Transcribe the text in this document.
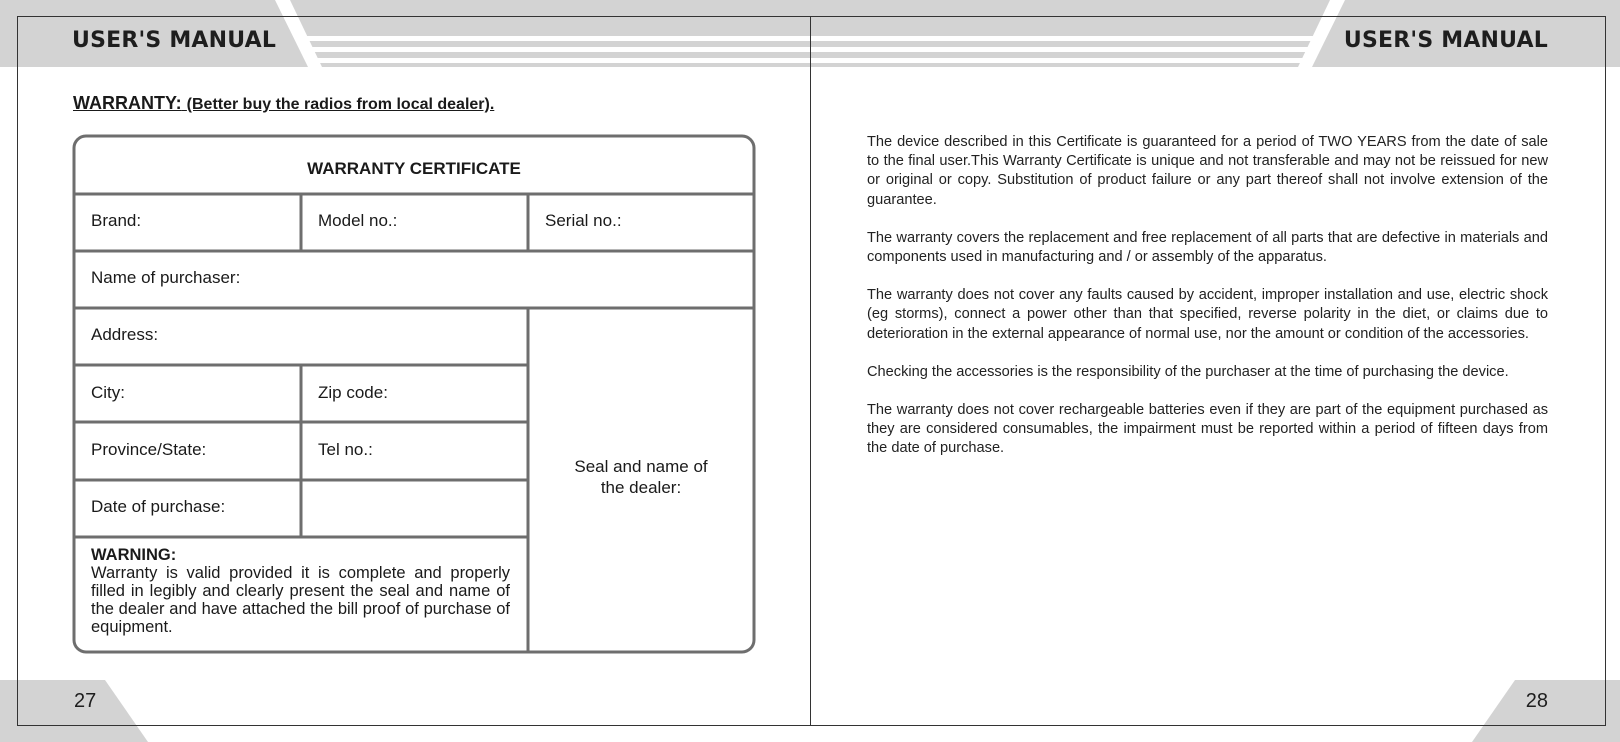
USER'S MANUAL	USER'S MANUAL
WARRANTY: (Better buy the radios from local dealer).
WARRANTY CERTIFICATE
Brand:	Model no.:	Serial no.:
Name of purchaser:
Address:
City:	Zip code:
Province/State:	Tel no.:
Date of purchase:
Seal and name of
the dealer:
WARNING:
Warranty is valid provided it is complete and properly filled in legibly and clearly present the seal and name of the dealer and have attached the bill proof of purchase of equipment.

The device described in this Certificate is guaranteed for a period of TWO YEARS from the date of sale to the final user.This Warranty Certificate is unique and not transferable and may not be reissued for new or original or copy. Substitution of product failure or any part thereof shall not involve extension of the guarantee.

The warranty covers the replacement and free replacement of all parts that are defective in materials and components used in manufacturing and / or assembly of the apparatus.

The warranty does not cover any faults caused by accident, improper installation and use, electric shock (eg storms), connect a power other than that specified, reverse polarity in the diet, or claims due to deterioration in the external appearance of normal use, nor the amount or condition of the accessories.

Checking the accessories is the responsibility of the purchaser at the time of purchasing the device.

The warranty does not cover rechargeable batteries even if they are part of the equipment purchased as they are considered consumables, the impairment must be reported within a period of fifteen days from the date of purchase.

27	28
